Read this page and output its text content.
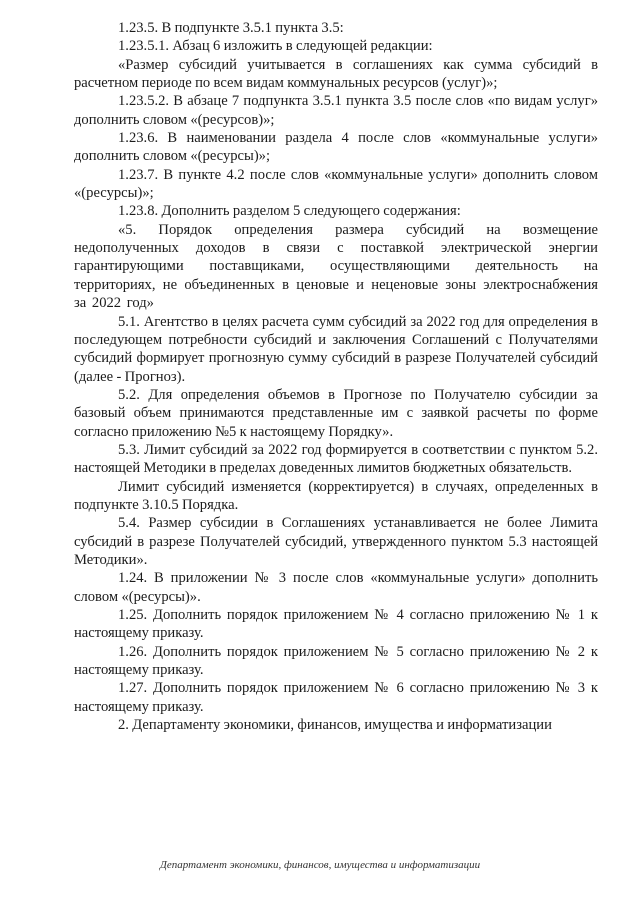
1.23.5. В подпункте 3.5.1 пункта 3.5:

1.23.5.1. Абзац 6 изложить в следующей редакции:

«Размер субсидий учитывается в соглашениях как сумма субсидий в расчетном периоде по всем видам коммунальных ресурсов (услуг)»;

1.23.5.2. В абзаце 7 подпункта 3.5.1 пункта 3.5 после слов «по видам услуг» дополнить словом «(ресурсов)»;

1.23.6. В наименовании раздела 4 после слов «коммунальные услуги» дополнить словом «(ресурсы)»;

1.23.7. В пункте 4.2 после слов «коммунальные услуги» дополнить словом «(ресурсы)»;

1.23.8. Дополнить разделом 5 следующего содержания:

«5. Порядок определения размера субсидий на возмещение недополученных доходов в связи с поставкой электрической энергии гарантирующими поставщиками, осуществляющими деятельность на территориях, не объединенных в ценовые и неценовые зоны электроснабжения за 2022 год»

5.1. Агентство в целях расчета сумм субсидий за 2022 год для определения в последующем потребности субсидий и заключения Соглашений с Получателями субсидий формирует прогнозную сумму субсидий в разрезе Получателей субсидий (далее - Прогноз).

5.2. Для определения объемов в Прогнозе по Получателю субсидии за базовый объем принимаются представленные им с заявкой расчеты по форме согласно приложению №5 к настоящему Порядку».

5.3. Лимит субсидий за 2022 год формируется в соответствии с пунктом 5.2. настоящей Методики в пределах доведенных лимитов бюджетных обязательств.

Лимит субсидий изменяется (корректируется) в случаях, определенных в подпункте 3.10.5 Порядка.

5.4. Размер субсидии в Соглашениях устанавливается не более Лимита субсидий в разрезе Получателей субсидий, утвержденного пунктом 5.3 настоящей Методики».

1.24. В приложении № 3 после слов «коммунальные услуги» дополнить словом «(ресурсы)».

1.25. Дополнить порядок приложением № 4 согласно приложению № 1 к настоящему приказу.

1.26. Дополнить порядок приложением № 5 согласно приложению № 2 к настоящему приказу.

1.27. Дополнить порядок приложением № 6 согласно приложению № 3 к настоящему приказу.

2. Департаменту экономики, финансов, имущества и информатизации

Департамент экономики, финансов, имущества и информатизации
